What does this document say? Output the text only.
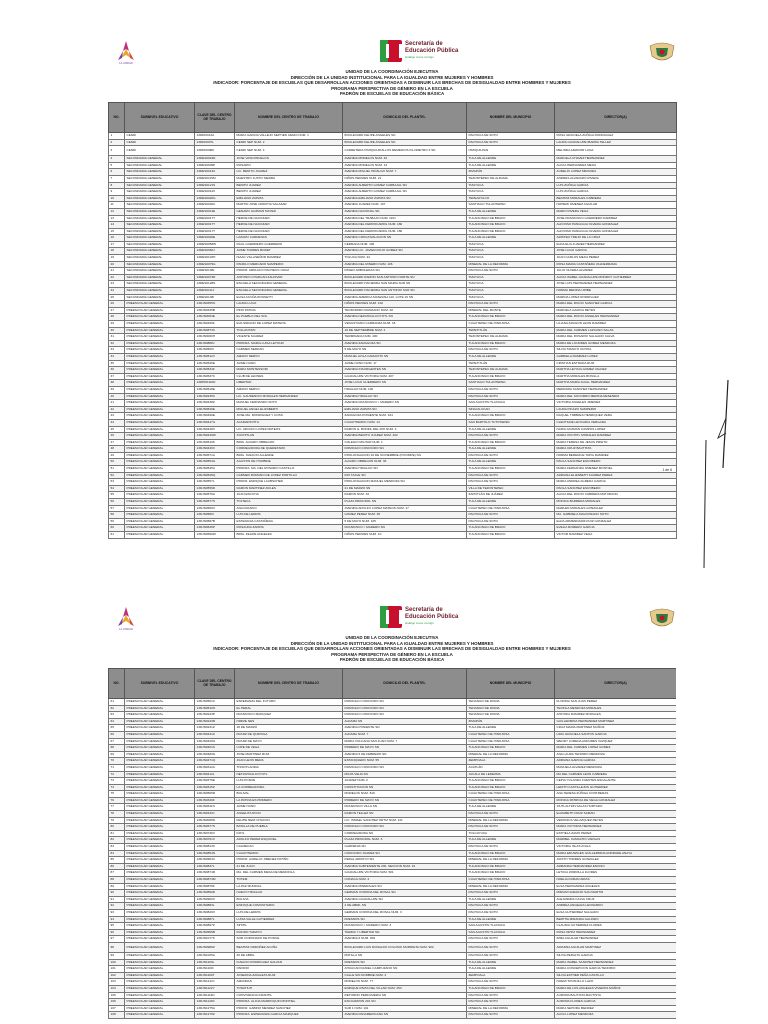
LA UNIDAD
Secretaría de
Educación Pública
Hidalgo crece contigo
UNIDAD DE LA COORDINACIÓN EJECUTIVA
DIRECCIÓN DE LA UNIDAD INSTITUCIONAL PARA LA IGUALDAD ENTRE MUJERES Y HOMBRES
INDICADOR: PORCENTAJE DE ESCUELAS QUE DESARROLLAN ACCIONES ORIENTADAS A DISMINUIR LAS BRECHAS DE DESIGUALDAD ENTRE HOMBRES Y MUJERES
PROGRAMA PERSPECTIVA DE GÉNERO EN LA ESCUELA
PADRÓN DE ESCUELAS DE EDUCACIÓN BÁSICA
NO.	SUBNIVEL EDUCATIVO	CLAVE DEL CENTRO DE TRABAJO	NOMBRE DEL CENTRO DE TRABAJO	DOMICILIO DEL PLANTEL	NOMBRE DEL MUNICIPIO	DIRECTOR(A)
1	CENDI	13DDI0013A	MARIA GARCIA VALLEJO SEPTIEN CENDI NUM. 1	BOULEVARD FELIPE ANGELES SN	PACHUCA DE SOTO	ROSA GRACIELA ZUÑIGA RODRIGUEZ
2	CENDI	13DDI0007L	CENDI SEP NUM. 2	BOULEVARD FELIPE ANGELES SN	PACHUCA DE SOTO	LAURA GUADALUPE IBARRA TELLEZ
3	CENDI	13DDI0008K	CENDI SEP NUM. 4	CARRETERA IXMIQUILPAN-LOS REMEDIOS KILOMETRO 3 SN	IXMIQUILPAN	MELINDA AMADOR LUNA
4	SECUNDARIA GENERAL	13DES0024D	JOSE VASCONCELOS	AVENIDA MORELOS NUM. 32	TULA DE ALLENDE	MARCELA CHAVEZ HERNANDEZ
5	SECUNDARIA GENERAL	13DES0009P	ROSARIO	AVENIDA MORELOS NUM. 13	TULA DE ALLENDE	ALICIA HERNANDEZ MEJIA
6	SECUNDARIA GENERAL	13DES0013A	LIC. BENITO JUAREZ	AVENIDA MIGUEL HIDALGO NUM. 7	ZIMAPÁN	AURELIO LOPEZ MIRANDA
7	SECUNDARIA GENERAL	13DES0115M	MAESTRO JUSTO SIERRA	NIÑOS HEROES NUM. 21	TEZONTEPEC DE ALDAMA	ANDRES ALVARADO RIVERA
8	SECUNDARIA GENERAL	13DES0121S	BENITO JUAREZ	AVENIDA ALBERTO GOMEZ CARBAJAL SN	TIZAYUCA	LUIS ZUÑIGA GARCIA
9	SECUNDARIA GENERAL	13DES0012X	BENITO JUAREZ	AVENIDA ALBERTO GOMEZ CARBAJAL SN	TIZAYUCA	LUIS ZUÑIGA GARCIA
10	SECUNDARIA GENERAL	13DES0020G	EMILIANO ZAPATA	AVENIDA EMILIANO ZAPATA SN	TEPEAPULCO	BEATRIZ MORALES CABRERA
11	SECUNDARIA GENERAL	13DES0020C	MARTIN JOSE URRUTIA SALAZAR	AVENIDA JUAREZ NUM. 107	SANTIAGO TULANTEPEC	NOHEMI JIMENEZ AGUILAR
12	SECUNDARIA GENERAL	13DES0014E	GENARO GUZMAN MAYER	AVENIDA NACIONAL SN	TULA DE ALLENDE	MARIO RIVERA VEGA
13	SECUNDARIA GENERAL	13DES0017T	HEROE DE NACOZARI	AVENIDA DEL TRABAJO NUM. 1101	TULANCINGO DE BRAVO	JOSE FRANCISCO GUERRERO RAMIREZ
14	SECUNDARIA GENERAL	13DES0017T	HEROE DE NACOZARI	AVENIDA DEL FERROCARRIL NUM. 180	TULANCINGO DE BRAVO	ALFONSO PANIAGUA OLVERA GONZALEZ
15	SECUNDARIA GENERAL	13DES0017T	HEROE DE NACOZARI	AVENIDA DEL FERROCARRIL NUM. 180	TULANCINGO DE BRAVO	ALFONSO PANIAGUA OLVERA GONZALEZ
16	SECUNDARIA GENERAL	13DES0040E	LAZARO CARDENAS	AVENIDA CIRCUNVALACION SN	TULA DE ALLENDE	ARISTEO TREJO DE LA CRUZ
17	SECUNDARIA GENERAL	13DES0056W	RAUL GUERRERO GUERRERO	CERRADA NUM. 106	TIZAYUCA	ELDA ELIA JUAREZ HERNANDEZ
18	SECUNDARIA GENERAL	13DES0060J	JAIME TORRES BODET	AVENIDA LIC. JAVIER ROJO GOMEZ SN	TIZAYUCA	JOSE LUGO GARCIA
19	SECUNDARIA GENERAL	13DES0102H	ISAAC VILLASEÑOR RAMIREZ	TOLUCA NUM. 44	TIZAYUCA	JUAN CARLOS MEJIA PEREZ
20	SECUNDARIA GENERAL	13DES0079G	PANFILO MERCADO SAMPERIO	AVENIDA DEL MINERO NUM. 106	MINERAL DE LA REFORMA	ROSA MARIA CASTAÑEDA VALDERRAMA
21	SECUNDARIA GENERAL	13DES0108L	PROFR. ARNULFO PACHECO CRUZ	PASEO ARBOLEDAS SN	PACHUCA DE SOTO	JULIO OLVERA ALVAREZ
22	SECUNDARIA GENERAL	13DES0073R	ANTONIO CHADUAN ZALDIVAR	BOULEVARD RAMON SAN ANTONIO NORTE SN	TIZAYUCA	ALICIA ISABEL GUADALUPE MONROY GUTIERREZ
23	SECUNDARIA GENERAL	13DES0128S	ESCUELA SECUNDARIA GENERAL	BOULEVARD HACIENDA SAN MARIA SUR SN	TIZAYUCA	JOSE LUIS HERNANDEZ HERNANDEZ
24	SECUNDARIA GENERAL	13DES0111J	ESCUELA SECUNDARIA GENERAL	BOULEVARD HACIENDA SAN ANTONIO SUR SN	TIZAYUCA	NORMA MEDINA URIBE
25	SECUNDARIA GENERAL	13DES0138I	ELISA ACUÑA ROSSETTI	AVENIDA AMERICA MANZANA 110, LOTE 10 SN	TIZAYUCA	MARINA LOPEZ RODRIGUEZ
26	PREESCOLAR GENERAL	13DJN0355O	LAURA LUGO	NIÑOS HEROES NUM. 102	PACHUCA DE SOTO	MARIA DEL ROCIO SANCHEZ GARCIA
27	PREESCOLAR GENERAL	13DJN0335B	PINO PATRIA	TEODOMIRO MANZANO NUM. 28	MINERAL DEL MONTE	MARCELA GARCIA REYES
28	PREESCOLAR GENERAL	13DJN0063E	EL PUEBLO DEL SOL	AVENIDA NEZAHUALCOYOTL SN	TULANCINGO DE BRAVO	MARIA DEL ROCIO ANGELES HERNANDEZ
29	PREESCOLAR GENERAL	13DJN0499F	EVA SIRIANO DE LOPEZ MATEOS	VENUSTIANO CARRANZA NUM. 18	CUAUTEPEC DE HINOJOSA	LILIANA ARAGON LEON RAMIREZ
30	PREESCOLAR GENERAL	13DJN0873C	TOLLANTZIN	16 DE SEPTIEMBRE NUM. 4	TEPETITLÁN	MARIA DEL CARMEN LAZCANO SALAS
31	PREESCOLAR GENERAL	13DJN0060H	VICENTE SUAREZ	TERMINADA NUM. 400	TEZONTEPEC DE ALDAMA	MARIA DEL ROSARIO SALGADO CALVA
32	PREESCOLAR GENERAL	13DJN0888J	PROFRA. MARIA LUISA LETOUR	AVENIDA ZARAGOZA SN	TULANCINGO DE BRAVO	MARIA DE LOURDES GOMEZ MENDOZA
33	PREESCOLAR GENERAL	13DJN0509I	CARMEN SERDAN	5 DE MAYO SN	PACHUCA DE SOTO	SILVIA TAMAYO OCHOA
34	PREESCOLAR GENERAL	13DJN0512V	AMADO NERVO	MANUEL AVILA CAMACHO SN	TULA DE ALLENDE	GABRIELA RAMIREZ LOPEZ
35	PREESCOLAR GENERAL	13DJN0530E	JAIME NUNO	JAIME NUNO NUM. 17	TEPETITLÁN	CRISTIAN ESTRADA RUIZ
36	PREESCOLAR GENERAL	13DJN0534F	MARIA MONTESSORI	AVENIDA INSURGENTES SN	TEZONTEPEC DE ALDAMA	MARTHA LETICIA GOMEZ VALDEZ
37	PREESCOLAR GENERAL	13DJN0537C	CLUB DE LEONES	GUADALUPE VICTORIA NUM. 207	TULANCINGO DE BRAVO	MARTHA MORALES BONILLA
38	PREESCOLAR GENERAL	13DPR0110D	LIBERTAD	JOSE LUGO GUERRERO SN	SANTIAGO TULANTEPEC	MARTHA MARIA IGUAL HERNANDEZ
39	PREESCOLAR GENERAL	13DJN0518E	AMADO NERVO	HIDALGO NUM. 100	PACHUCA DE SOTO	MEDRARA SANCHEZ HERNANDEZ
40	PREESCOLAR GENERAL	13DJN0435C	LIC. GAUDENCIO MORALES HERNANDEZ	AVENIDA HIDALGO SN	PACHUCA DE SOTO	MARIA DEL SOCORRO MEDINA RESENDIZ
41	PREESCOLAR GENERAL	13DJN0438Z	MANUEL FERNANDO SOTO	AVENIDA FRANCISCO I. MADERO SN	SAN AGUSTIN TLAXIACA	VICTORIA ANGELES JIMENEZ
42	PREESCOLAR GENERAL	13DJN0540E	MIGUEL ANGEL ELIZABERTI	EMILIANO ZAPATA SN	SINGUILUCAN	LAURA PICAZO SAMPERIO
43	PREESCOLAR GENERAL	13DJN0490E	JOSE MA. RODRIGUEZ Y COSS	ZARAGOZA PONIENTE NUM. 104	TULANCINGO DE BRAVO	RAQUEL TIMBRES HENRIQUEZ VERA
44	PREESCOLAR GENERAL	13DJN0447G	ACAMAPICHTLI	CUAUHTEMOC NUM. 14	SAN BARTOLO TUTOTEPEC	CLEOTILDE LEOCADIA VERGARA
45	PREESCOLAR GENERAL	13DJN0448X	LIC. ADOLFO LOPEZ MATEOS	RAMON G. BONFIL DEL RIO NUM. 4	TULA DE ALLENDE	NAIDA GUZMAN CAMPOS LOPEZ
46	PREESCOLAR GENERAL	13DJN0449W	XOCHITLAN	AVENIDA BENITO JUAREZ NUM. 402	PACHUCA DE SOTO	MARIA XOCHITL MORALES RAMIREZ
47	PREESCOLAR GENERAL	13DJN0510K	BRIG. ALVARO OBREGON	COLEGIO MILITAR NUM. 1	TULANCINGO DE BRAVO	MARIA TERESA DE JESUS PRIETO
48	PREESCOLAR GENERAL	13DJN0449V	CORREGIDORA DE QUERETARO	DOMICILIO CONOCIDO SN	TULA DE ALLENDE	MARIA CRUZ BAUTISTA
49	PREESCOLAR GENERAL	13DJN0571A	BRIG. IGNACIO ALLENDE	PROLONGACION 16 DE NOVIEMBRE (POVIMPE) SN	PACHUCA DE SOTO	NORMA BERENICE TAPIA RAMIREZ
50	PREESCOLAR GENERAL	13DJN0554G	AGUSTIN DE ITURBIDE	ALVARO OBREGON NUM. 36	TULA DE ALLENDE	PAOLA SANCHEZ ESCOBEDO
51	PREESCOLAR GENERAL	13DJN0545A	PROFRA. MA. DEL ROSARIO CASTILLO	AVENIDA HIDALGO SN	TULANCINGO DE BRAVO	MARIA FERNANDA JIMENEZ MONTIEL
52	PREESCOLAR GENERAL	13DJN0528Q	CARMEN ROMANO DE LOPEZ PORTILLO	RIO TAXLE SN	PACHUCA DE SOTO	ADRIANA ELIZABETH SUAREZ PEREZ
53	PREESCOLAR GENERAL	13DJN0557L	PROFR. ENRIQUE LAUBSCHER	PROLONGACION MANUEL MENDOZA SN	PACHUCA DE SOTO	MARIA ANDREA AGREDA GARCIA
54	PREESCOLAR GENERAL	13DJN0556D	RAMON MARTINEZ AVILES	21 DE MARZO SN	VILLA DE TEZONTEPEC	PAOLA SANCHEZ ESCOBEDO
55	PREESCOLAR GENERAL	13DJN0579A	JUAN ESCUTIA	RAMON NUM. 32	ZAPOTLÁN DE JUÁREZ	ALICIA DEL ROCIO CABRERA MATURANO
56	PREESCOLAR GENERAL	13DJN0577S	TOLTECA	PLAZA PRINCIPAL SN	TULA DE ALLENDE	MONICA BARRERA MORALES
57	PREESCOLAR GENERAL	13DJN0569X	ANA FRANCO	AVENIDA ADOLFO LOPEZ MATEOS NUM. 17	CUAUTEPEC DE HINOJOSA	MARLEN MORALES GONZALEZ
58	PREESCOLAR GENERAL	13DJN0580I	LUIS DE LEDRIS	GOMEZ PEREZ NUM. 35	PACHUCA DE SOTO	MA. GABRIELA MALDONADO SOTO
59	PREESCOLAR GENERAL	13DJN0587B	ESTEFANIA CASTAÑEDA	5 DE MAYO NUM. 105	PACHUCA DE SOTO	ELDA ARMENDARIZ RUIZ GONZALEZ
60	PREESCOLAR GENERAL	13DJN0636P	ROSAURA ZAPATA	FRANCISCO I. MADERO SN	TULANCINGO DE BRAVO	EVELIA ROMERO GARCIA
61	PREESCOLAR GENERAL	13DJN0699W	BRIG. FELIPE ANGELES	NIÑOS HEROES NUM. 10	TULANCINGO DE BRAVO	VICTOR RAMIREZ VEGA
1 de 6
LA UNIDAD
Secretaría de
Educación Pública
Hidalgo crece contigo
UNIDAD DE LA COORDINACIÓN EJECUTIVA
DIRECCIÓN DE LA UNIDAD INSTITUCIONAL PARA LA IGUALDAD ENTRE MUJERES Y HOMBRES
INDICADOR: PORCENTAJE DE ESCUELAS QUE DESARROLLAN ACCIONES ORIENTADAS A DISMINUIR LAS BRECHAS DE DESIGUALDAD ENTRE HOMBRES Y MUJERES
PROGRAMA PERSPECTIVA DE GÉNERO EN LA ESCUELA
PADRÓN DE ESCUELAS DE EDUCACIÓN BÁSICA
NO.	SUBNIVEL EDUCATIVO	CLAVE DEL CENTRO DE TRABAJO	NOMBRE DEL CENTRO DE TRABAJO	DOMICILIO DEL PLANTEL	NOMBRE DEL MUNICIPIO	DIRECTOR(A)
61	PREESCOLAR GENERAL	13DJN0561C	ESPERANZA DEL FUTURO	DOMICILIO CONOCIDO SN	TENANGO DE DORIA	FLORINA SAN JUAN PEREZ
62	PREESCOLAR GENERAL	13DJN0510O	EL PERAL	DOMICILIO CONOCIDO SN	TENANGO DE DORIA	TEOFILA MENDOZA MORALES
63	PREESCOLAR GENERAL	13DJN0243P	FRANCISCO MARQUEZ	DOMICILIO CONOCIDO SN	TENANGO DE DORIA	ANTONIA RAMIREZ MORALES
64	PREESCOLAR GENERAL	13DJN0243R	NIMIZE NES	ALDAMA SN	ZIMAPÁN	GUILLERMINA HERNANDEZ MARTINEZ
65	PREESCOLAR GENERAL	13DJN0231Z	18 DE MARZO	AVENIDA PONIENTE SN	TULA DE ALLENDE	CRUZ MARIA MARTINEZ MUÑOZ
66	PREESCOLAR GENERAL	13DJN0441Z	FRANZ DE QUIROGA	ALDAMA NUM. 7	CUAUTEPEC DE HINOJOSA	LIDIA GRACIELA SANTOS GARCIA
67	PREESCOLAR GENERAL	13DJN0426G	FRANZ DE MAYO	MARIA VOLCANA SAN JUAN NUM. 7	CUAUTEPEC DE HINOJOSA	WENDY LORENA ANDURES VAZQUEZ
68	PREESCOLAR GENERAL	13DJN0401S	LOPE DE VEGA	PRIMERO DE MAYO SN	TULANCINGO DE BRAVO	MARIA DEL CARMEN LOPEZ GOMEZ
69	PREESCOLAR GENERAL	13DJN0483G	JOSE MARTINEZ RUIZ	AVENIDA 5 DE FEBRERO SN	MINERAL DE LA REFORMA	ANA LAURA TENORIO MENDOZA
70	PREESCOLAR GENERAL	13DJN0471Q	JUAN LEON MERA	ESTANQUERO NUM. 55	ZEMPOALA	ADRIANA GARCIA GARCIA
71	PREESCOLAR GENERAL	13DJN0312A	TISSOTLANDIA	DOMICILIO CONOCIDO SN	ACATLÁN	MANUELA ALVAREZ MENDOZA
72	PREESCOLAR GENERAL	13DJN0412L	NETZAHUALCOYOTL	MILPA VIEJA SN	JACALA DE LEDEZMA	MA DEL CARMEN LEON CABRERA
73	PREESCOLAR GENERAL	13DJN0375E	LUIS PONCE	JUAREZ NUM. 2	TULANCINGO DE BRAVO	CEPIA YOLANDA FUENTES ESCALANTE
74	PREESCOLAR GENERAL	13DJN0315Z	LA CORREGIDORA	CONSTITUCION SN	TULANCINGO DE BRAVO	LEDITH CASTILLEJOS GUTIERREZ
75	PREESCOLAR GENERAL	13DJN0505R	BOLIVAL	MORELOS NUM. 810	CUAUTEPEC DE HINOJOSA	ANA TERESA ZÚÑIGA CONTRERAS
76	PREESCOLAR GENERAL	13DJN0349F	LA PATRIA ES PRIMERO	PRIMERO DE MAYO SN	CUAUTEPEC DE HINOJOSA	MONICA PATRICIA DE VEGA GONZALEZ
77	PREESCOLAR GENERAL	13DJN0611N	JAIME NUNO	FRANCISCO VILLA SN	TULA DE ALLENDE	XIUTLALTZIN SALAS HURTADO
78	PREESCOLAR GENERAL	13DJN0343J	ANGELITA ROJO	RAMON TELLEZ SN	PACHUCA DE SOTO	ELIZABETH CRUZ SAMAN
79	PREESCOLAR GENERAL	13DJN0068N	FELIPE NERI CHACON	LIC. ISMAEL SANCHEZ ORTIZ NUM. 121	MINERAL DE LA REFORMA	VERONICA VELAZQUEZ REYES
80	PREESCOLAR GENERAL	13DJN0677S	BATALLA DE PUEBLA	DOMICILIO CONOCIDO SN	PACHUCA DE SOTO	MARIA VICTORIA HERNANDEZ
81	PREESCOLAR GENERAL	13DJN0746V	FATIL	CORREGIDORA SN	TOLCAYUCA	ESTHELA ZAMO PEREZ
82	PREESCOLAR GENERAL	13DJN0761X	ADOLFO PEREZ ESQUIVEL	PLAZA PRINCIPAL NUM. 3	TULA DE ALLENDE	MARIBEL CAMACHO VARGAS
83	PREESCOLAR GENERAL	13DJN0813C	CALMECAC	GARDENIA SN	PACHUCA DE SOTO	VICTORIA ISLAS AYALA
84	PREESCOLAR GENERAL	13DJN0854N	CUAUHTEMOC	CONOCIDO JUAREZ SN	TULANCINGO DE BRAVO	MARIA EDUWIGES GUILLERMINA ANDRADE ANAYA
85	PREESCOLAR GENERAL	13DJN0684X	PROFR. AURELIO JIMENEZ PATIÑO	PERAL ARROYO SN	MINERAL DE LA REFORMA	JUDITH TORRES GONZALEZ
86	PREESCOLAR GENERAL	13DJN0837L	21 DE JULIO	AVENIDA SUBTENIENTE 206, SECCION NUM. 19	TULANCINGO DE BRAVO	ARMANDA HERNANDEZ ENCISO
87	PREESCOLAR GENERAL	13DJN0874R	MA. DEL CARMEN MESA DE MENDIOLA	GUADALUPE VICTORIA NUM. 501	TULANCINGO DE BRAVO	LETICIA ZORRILLA FLORES
88	PREESCOLAR GENERAL	13DJN0874M	TOTEM	OJINACA NUM. 4	CUAUTEPEC DE HINOJOSA	NOELIA DURAN ARIAS
89	PREESCOLAR GENERAL	13DJN0878F	LA PAZ MUNDIAL	AVENIDA MINERALES SN	MINERAL DE LA REFORMA	ELSA HERNANDEZ ANGELES
90	PREESCOLAR GENERAL	13DJN0890D	NUEVO HIDALGO	GERMAN CORONA DEL ROSAL SN	PACHUCA DE SOTO	MIRIAM NARANJO SAN MARTIN
91	PREESCOLAR GENERAL	13DJN0900X	BOLIVIA	AVENIDA GUADALUPE SN	TULA DE ALLENDE	ALEJANDRA CALVA CRUZ
92	PREESCOLAR GENERAL	13DJN0883L	ENFOQUE COMUNITARIO	2 DE ABRIL SN	PACHUCA DE SOTO	ANDREA ANGELES LEONARDO
93	PREESCOLAR GENERAL	13DJN0829X	LUIS DE LEDRIS	GERMAN CORONA DEL ROSAL NUM. 3	PACHUCA DE SOTO	ELSA GUTIERREZ SALGADO
94	PREESCOLAR GENERAL	13DJN0887L	LUISA VALLE GUTIERREZ	FRESNOS SN	TULA DE ALLENDE	BERTHA MIRANDA GALINDO
95	PREESCOLAR GENERAL	13DJN0897Z	XIHITIL	FRANCISCO I. MADERO NUM. 3	SAN AGUSTIN TLAXIACA	CLAUDIA GUTIERREZ FLORES
96	PREESCOLAR GENERAL	13DJN0956B	RUFINO TAMAYO	TIERRA Y LIBERTAD SN	SAN AGUSTIN TLAXIACA	ROSA ORTIZ HERNANDEZ
97	PREESCOLAR GENERAL	13DJN1077K	SOR CORONADO DE PONCE	AVENIDA 6 NUM. 309	PACHUCA DE SOTO	IRMA AGUILAR HERNANDEZ
98	PREESCOLAR GENERAL	13DJN0980Z	BEATRIZ ORDOÑEZ ACUÑA	BOULEVARD LUIS DONALDO COLOSIO MURRIETA NUM. 902	PACHUCA DE SOTO	ARIADNA AGUILAR MARTINEZ
99	PREESCOLAR GENERAL	13DJN1025A	20 DE ABRIL	MATILLA SN	PACHUCA DE SOTO	SILVIA PERALTA GARCIA
100	PREESCOLAR GENERAL	13DJN1103L	IGNACIO RODRIGUEZ GALVAN	FRESNOS SN	TULA DE ALLENDE	MARIA ISABEL SANCHEZ HERNANDEZ
101	PREESCOLAR GENERAL	13DJN1100I	ONORIO	AHUACAN DANIEL CAMPUZANO SN	TULA DE ALLENDE	MARIA CONCEPCION GARCIA TENORIO
102	PREESCOLAR GENERAL	13DJN1160T	JOSEFINA ZAVALETA RUIZ	CALLE SIN NOMBRE NUM. 3	ZEMPOALA	SILVIA ESTHER PEÑA CASTILLO
103	PREESCOLAR GENERAL	13DJN1212J	AMANRAS	MORELOS NUM. 77	PACHUCA DE SOTO	NOEMI TRUNJILLO LAZO
104	PREESCOLAR GENERAL	13DJN1122Y	TONATIUH	ENRIQUE RIVAS DEL VILLAR NUM. 253	TULANCINGO DE BRAVO	MARIA DE LOS ANGELES VIVEROS MUÑOZ
105	PREESCOLAR GENERAL	13DJN1114D	CONVIVENCIA INFANTIL	RETORNO PERFUMERIA SN	PACHUCA DE SOTO	AURORA BAUTISTA BAUTISTA
106	PREESCOLAR GENERAL	13DJN1140C	PROFRA. ALICIA MARROQUIN MONTIEL	ESCUADRON 201 SN	PACHUCA DE SOTO	AURORA FLORES GARCIA
107	PREESCOLAR GENERAL	13DJN1275A	PROFR. GABINO MENDEZ SANCHEZ	SUR 1 NUM. 101	MINERAL DE LA REFORMA	MARIA SEHORA MENDEZ
108	PREESCOLAR GENERAL	13DJN1276Z	PROFRA. ESPERANZA GARCIA MARQUEZ	AVENIDA PANAMERICANA SN	PACHUCA DE SOTO	ALICIA LOPEZ MENDOZA
